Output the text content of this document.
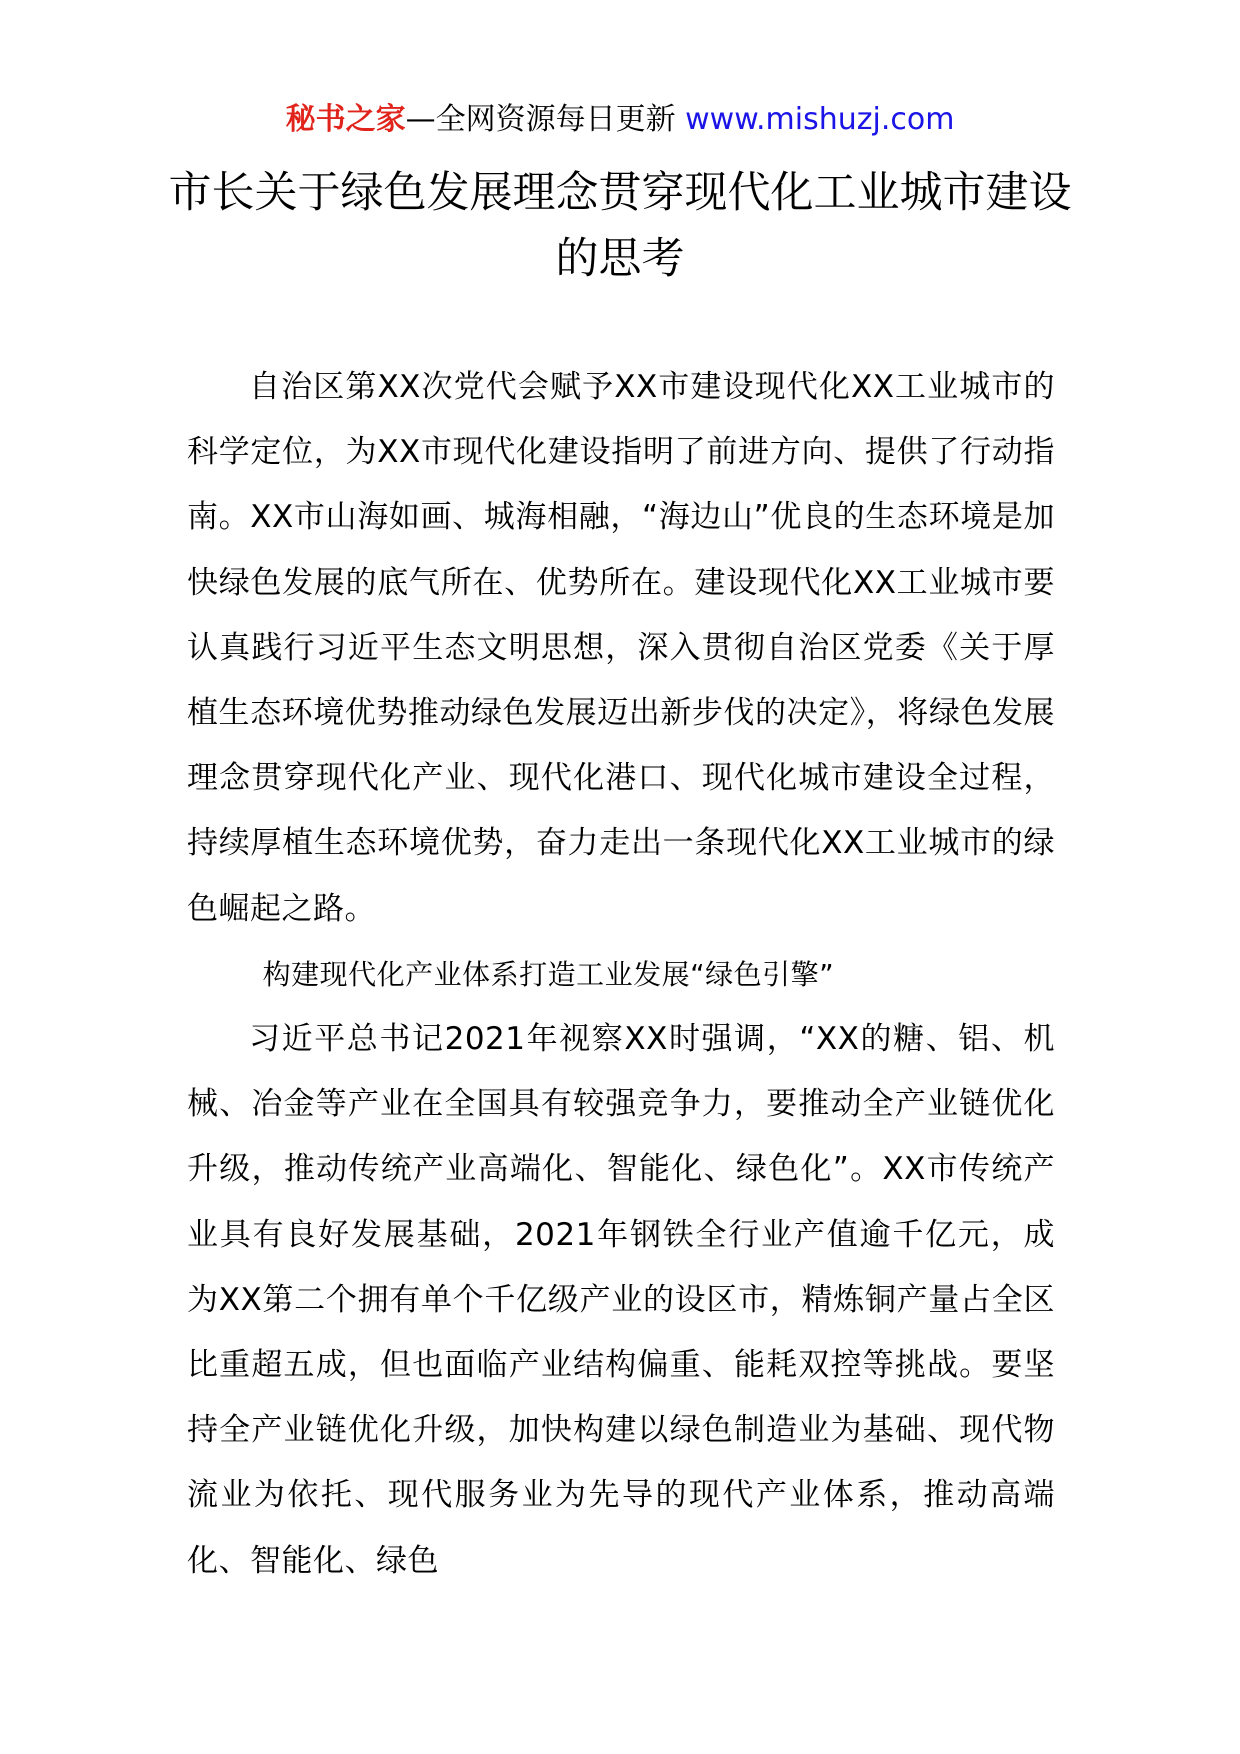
秘书之家—全网资源每日更新 www.mishuzj.com
市长关于绿色发展理念贯穿现代化工业城市建设的思考

自治区第XX次党代会赋予XX市建设现代化XX工业城市的科学定位，为XX市现代化建设指明了前进方向、提供了行动指南。XX市山海如画、城海相融，“海边山”优良的生态环境是加快绿色发展的底气所在、优势所在。建设现代化XX工业城市要认真践行习近平生态文明思想，深入贯彻自治区党委《关于厚植生态环境优势推动绿色发展迈出新步伐的决定》，将绿色发展理念贯穿现代化产业、现代化港口、现代化城市建设全过程，持续厚植生态环境优势，奋力走出一条现代化XX工业城市的绿色崛起之路。

构建现代化产业体系打造工业发展“绿色引擎”

习近平总书记2021年视察XX时强调，“XX的糖、铝、机械、冶金等产业在全国具有较强竞争力，要推动全产业链优化升级，推动传统产业高端化、智能化、绿色化”。XX市传统产业具有良好发展基础，2021年钢铁全行业产值逾千亿元，成为XX第二个拥有单个千亿级产业的设区市，精炼铜产量占全区比重超五成，但也面临产业结构偏重、能耗双控等挑战。要坚持全产业链优化升级，加快构建以绿色制造业为基础、现代物流业为依托、现代服务业为先导的现代产业体系，推动高端化、智能化、绿色
